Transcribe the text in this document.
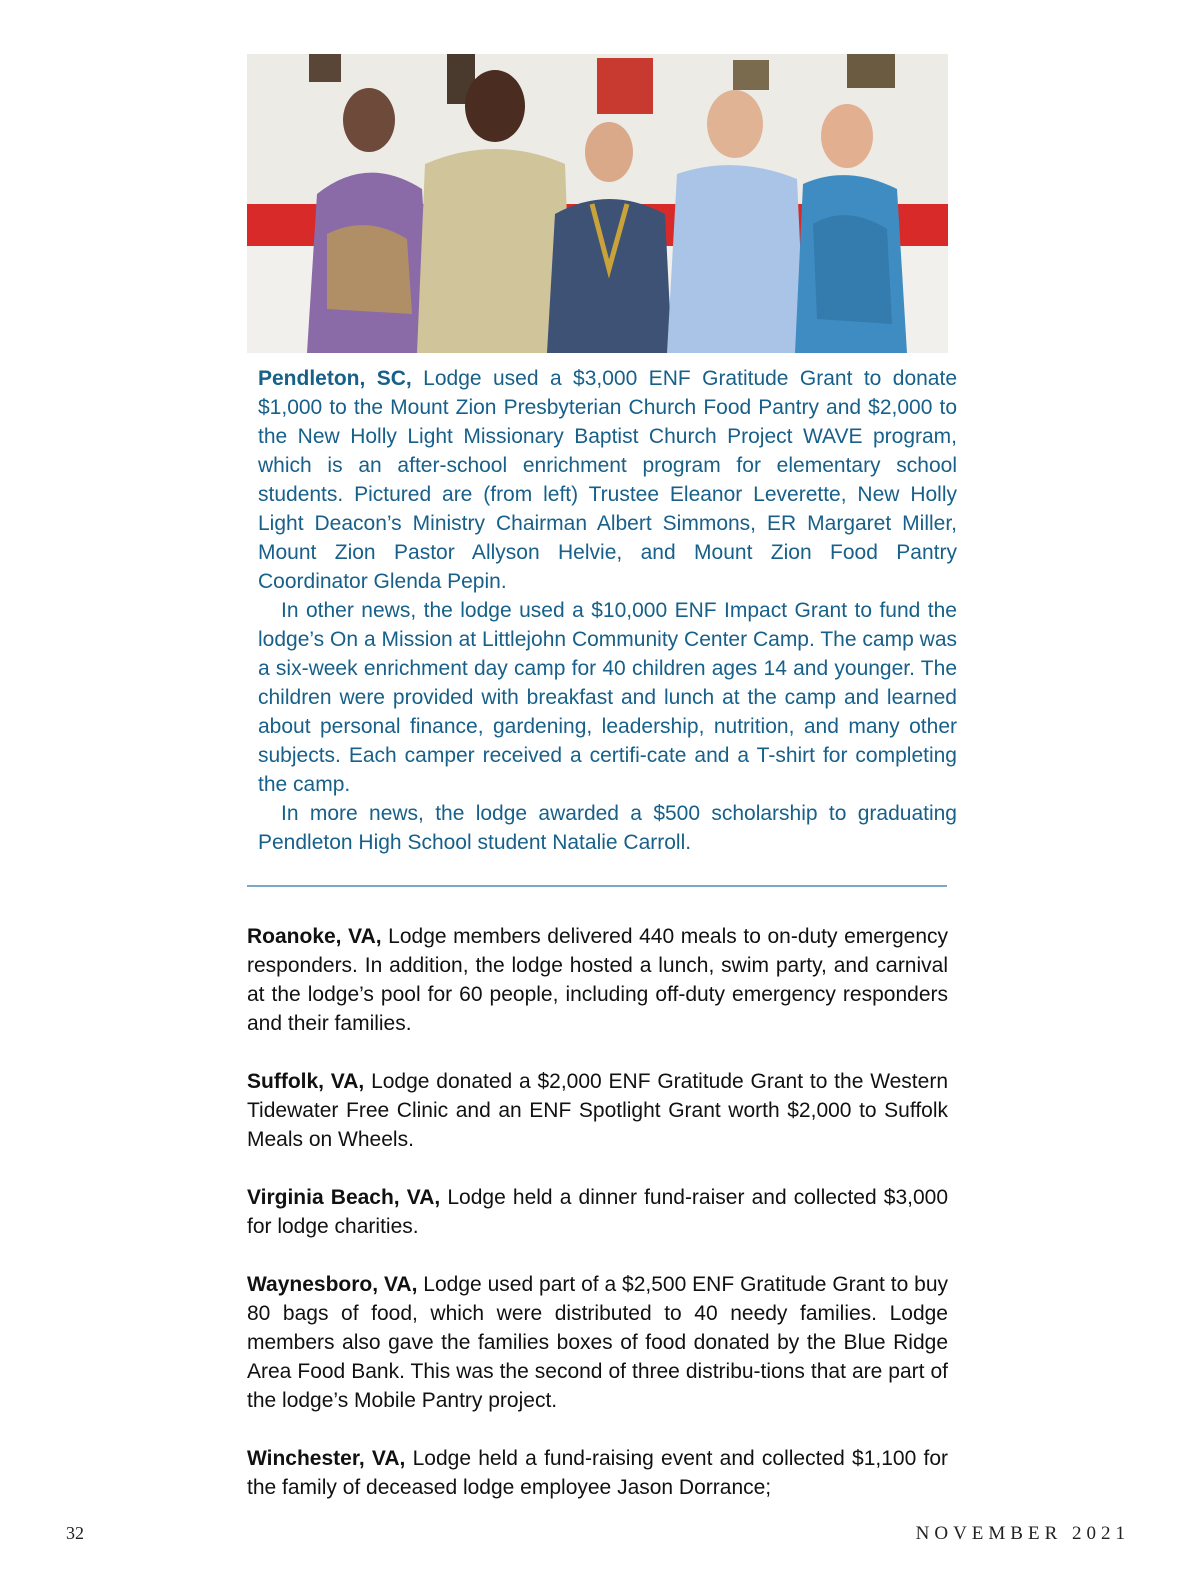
Pendleton, SC, Lodge used a $3,000 ENF Gratitude Grant to donate $1,000 to the Mount Zion Presbyterian Church Food Pantry and $2,000 to the New Holly Light Missionary Baptist Church Project WAVE program, which is an after-school enrichment program for elementary school students. Pictured are (from left) Trustee Eleanor Leverette, New Holly Light Deacon’s Ministry Chairman Albert Simmons, ER Margaret Miller, Mount Zion Pastor Allyson Helvie, and Mount Zion Food Pantry Coordinator Glenda Pepin.

In other news, the lodge used a $10,000 ENF Impact Grant to fund the lodge’s On a Mission at Littlejohn Community Center Camp. The camp was a six-week enrichment day camp for 40 children ages 14 and younger. The children were provided with breakfast and lunch at the camp and learned about personal finance, gardening, leadership, nutrition, and many other subjects. Each camper received a certifi-cate and a T-shirt for completing the camp.

In more news, the lodge awarded a $500 scholarship to graduating Pendleton High School student Natalie Carroll.

Roanoke, VA, Lodge members delivered 440 meals to on-duty emergency responders. In addition, the lodge hosted a lunch, swim party, and carnival at the lodge’s pool for 60 people, including off-duty emergency responders and their families.

Suffolk, VA, Lodge donated a $2,000 ENF Gratitude Grant to the Western Tidewater Free Clinic and an ENF Spotlight Grant worth $2,000 to Suffolk Meals on Wheels.

Virginia Beach, VA, Lodge held a dinner fund-raiser and collected $3,000 for lodge charities.

Waynesboro, VA, Lodge used part of a $2,500 ENF Gratitude Grant to buy 80 bags of food, which were distributed to 40 needy families. Lodge members also gave the families boxes of food donated by the Blue Ridge Area Food Bank. This was the second of three distribu-tions that are part of the lodge’s Mobile Pantry project.

Winchester, VA, Lodge held a fund-raising event and collected $1,100 for the family of deceased lodge employee Jason Dorrance;

32	NOVEMBER 2021
